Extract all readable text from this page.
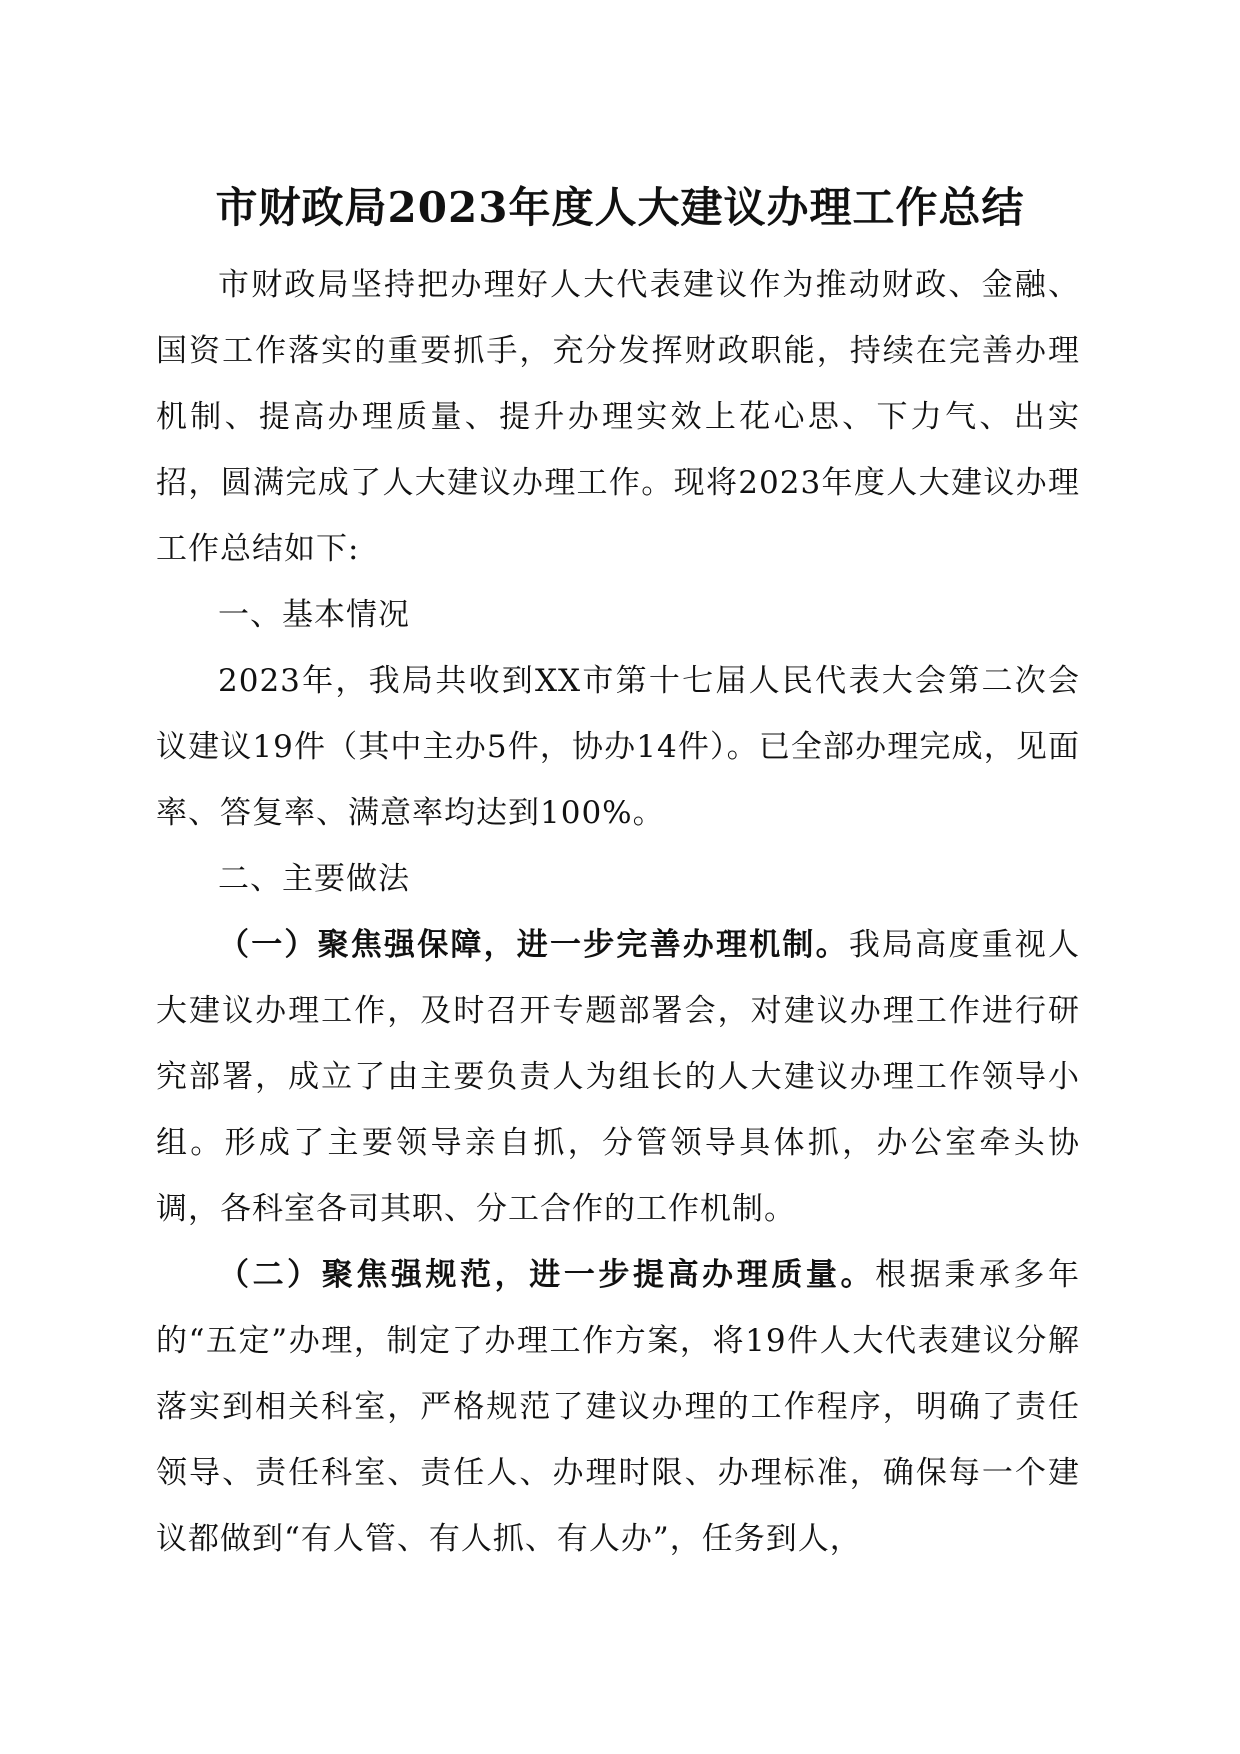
市财政局2023年度人大建议办理工作总结

市财政局坚持把办理好人大代表建议作为推动财政、金融、国资工作落实的重要抓手，充分发挥财政职能，持续在完善办理机制、提高办理质量、提升办理实效上花心思、下力气、出实招，圆满完成了人大建议办理工作。现将2023年度人大建议办理工作总结如下:

一、基本情况

2023年，我局共收到XX市第十七届人民代表大会第二次会议建议19件（其中主办5件，协办14件）。已全部办理完成，见面率、答复率、满意率均达到100%。

二、主要做法

（一）聚焦强保障，进一步完善办理机制。我局高度重视人大建议办理工作，及时召开专题部署会，对建议办理工作进行研究部署，成立了由主要负责人为组长的人大建议办理工作领导小组。形成了主要领导亲自抓，分管领导具体抓，办公室牵头协调，各科室各司其职、分工合作的工作机制。

（二）聚焦强规范，进一步提高办理质量。根据秉承多年的“五定”办理，制定了办理工作方案，将19件人大代表建议分解落实到相关科室，严格规范了建议办理的工作程序，明确了责任领导、责任科室、责任人、办理时限、办理标准，确保每一个建议都做到“有人管、有人抓、有人办”，任务到人，
